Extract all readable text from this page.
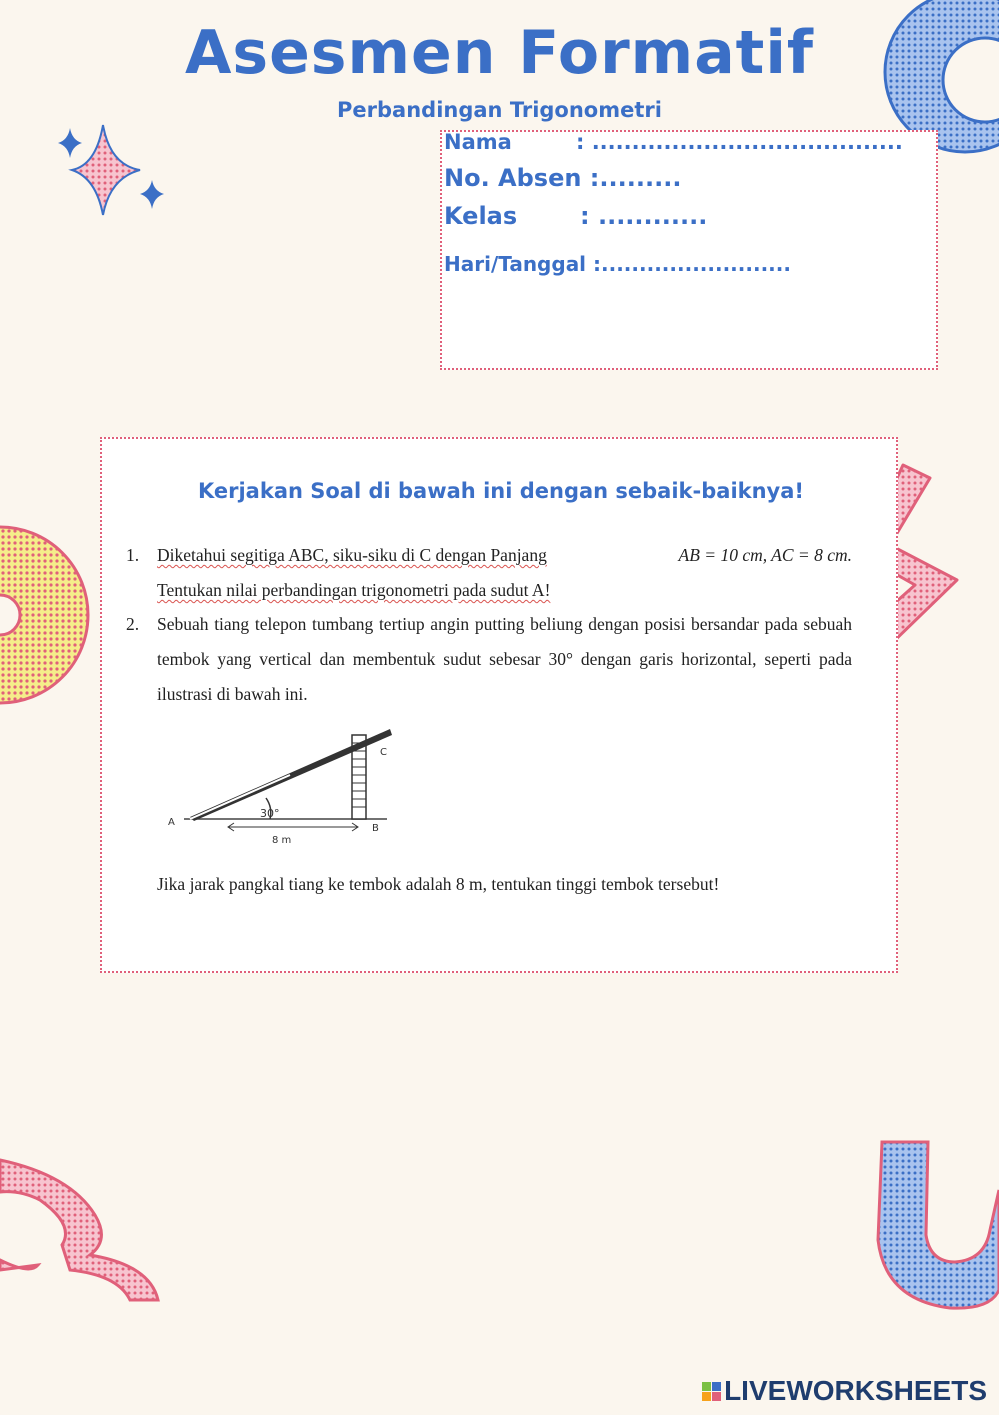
Asesmen Formatif
Perbandingan Trigonometri
Nama	: .......................................
No. Absen :.........
Kelas	: ............
Hari/Tanggal :.........................
Kerjakan Soal di bawah ini dengan sebaik-baiknya!
1. Diketahui segitiga ABC, siku-siku di C dengan Panjang	AB = 10 cm, AC = 8 cm.
Tentukan nilai perbandingan trigonometri pada sudut A!
2. Sebuah tiang telepon tumbang tertiup angin putting beliung dengan posisi bersandar pada sebuah tembok yang vertical dan membentuk sudut sebesar 30° dengan garis horizontal, seperti pada ilustrasi di bawah ini.
30°
A
B
C
8 m
Jika jarak pangkal tiang ke tembok adalah 8 m, tentukan tinggi tembok tersebut!
LIVEWORKSHEETS
